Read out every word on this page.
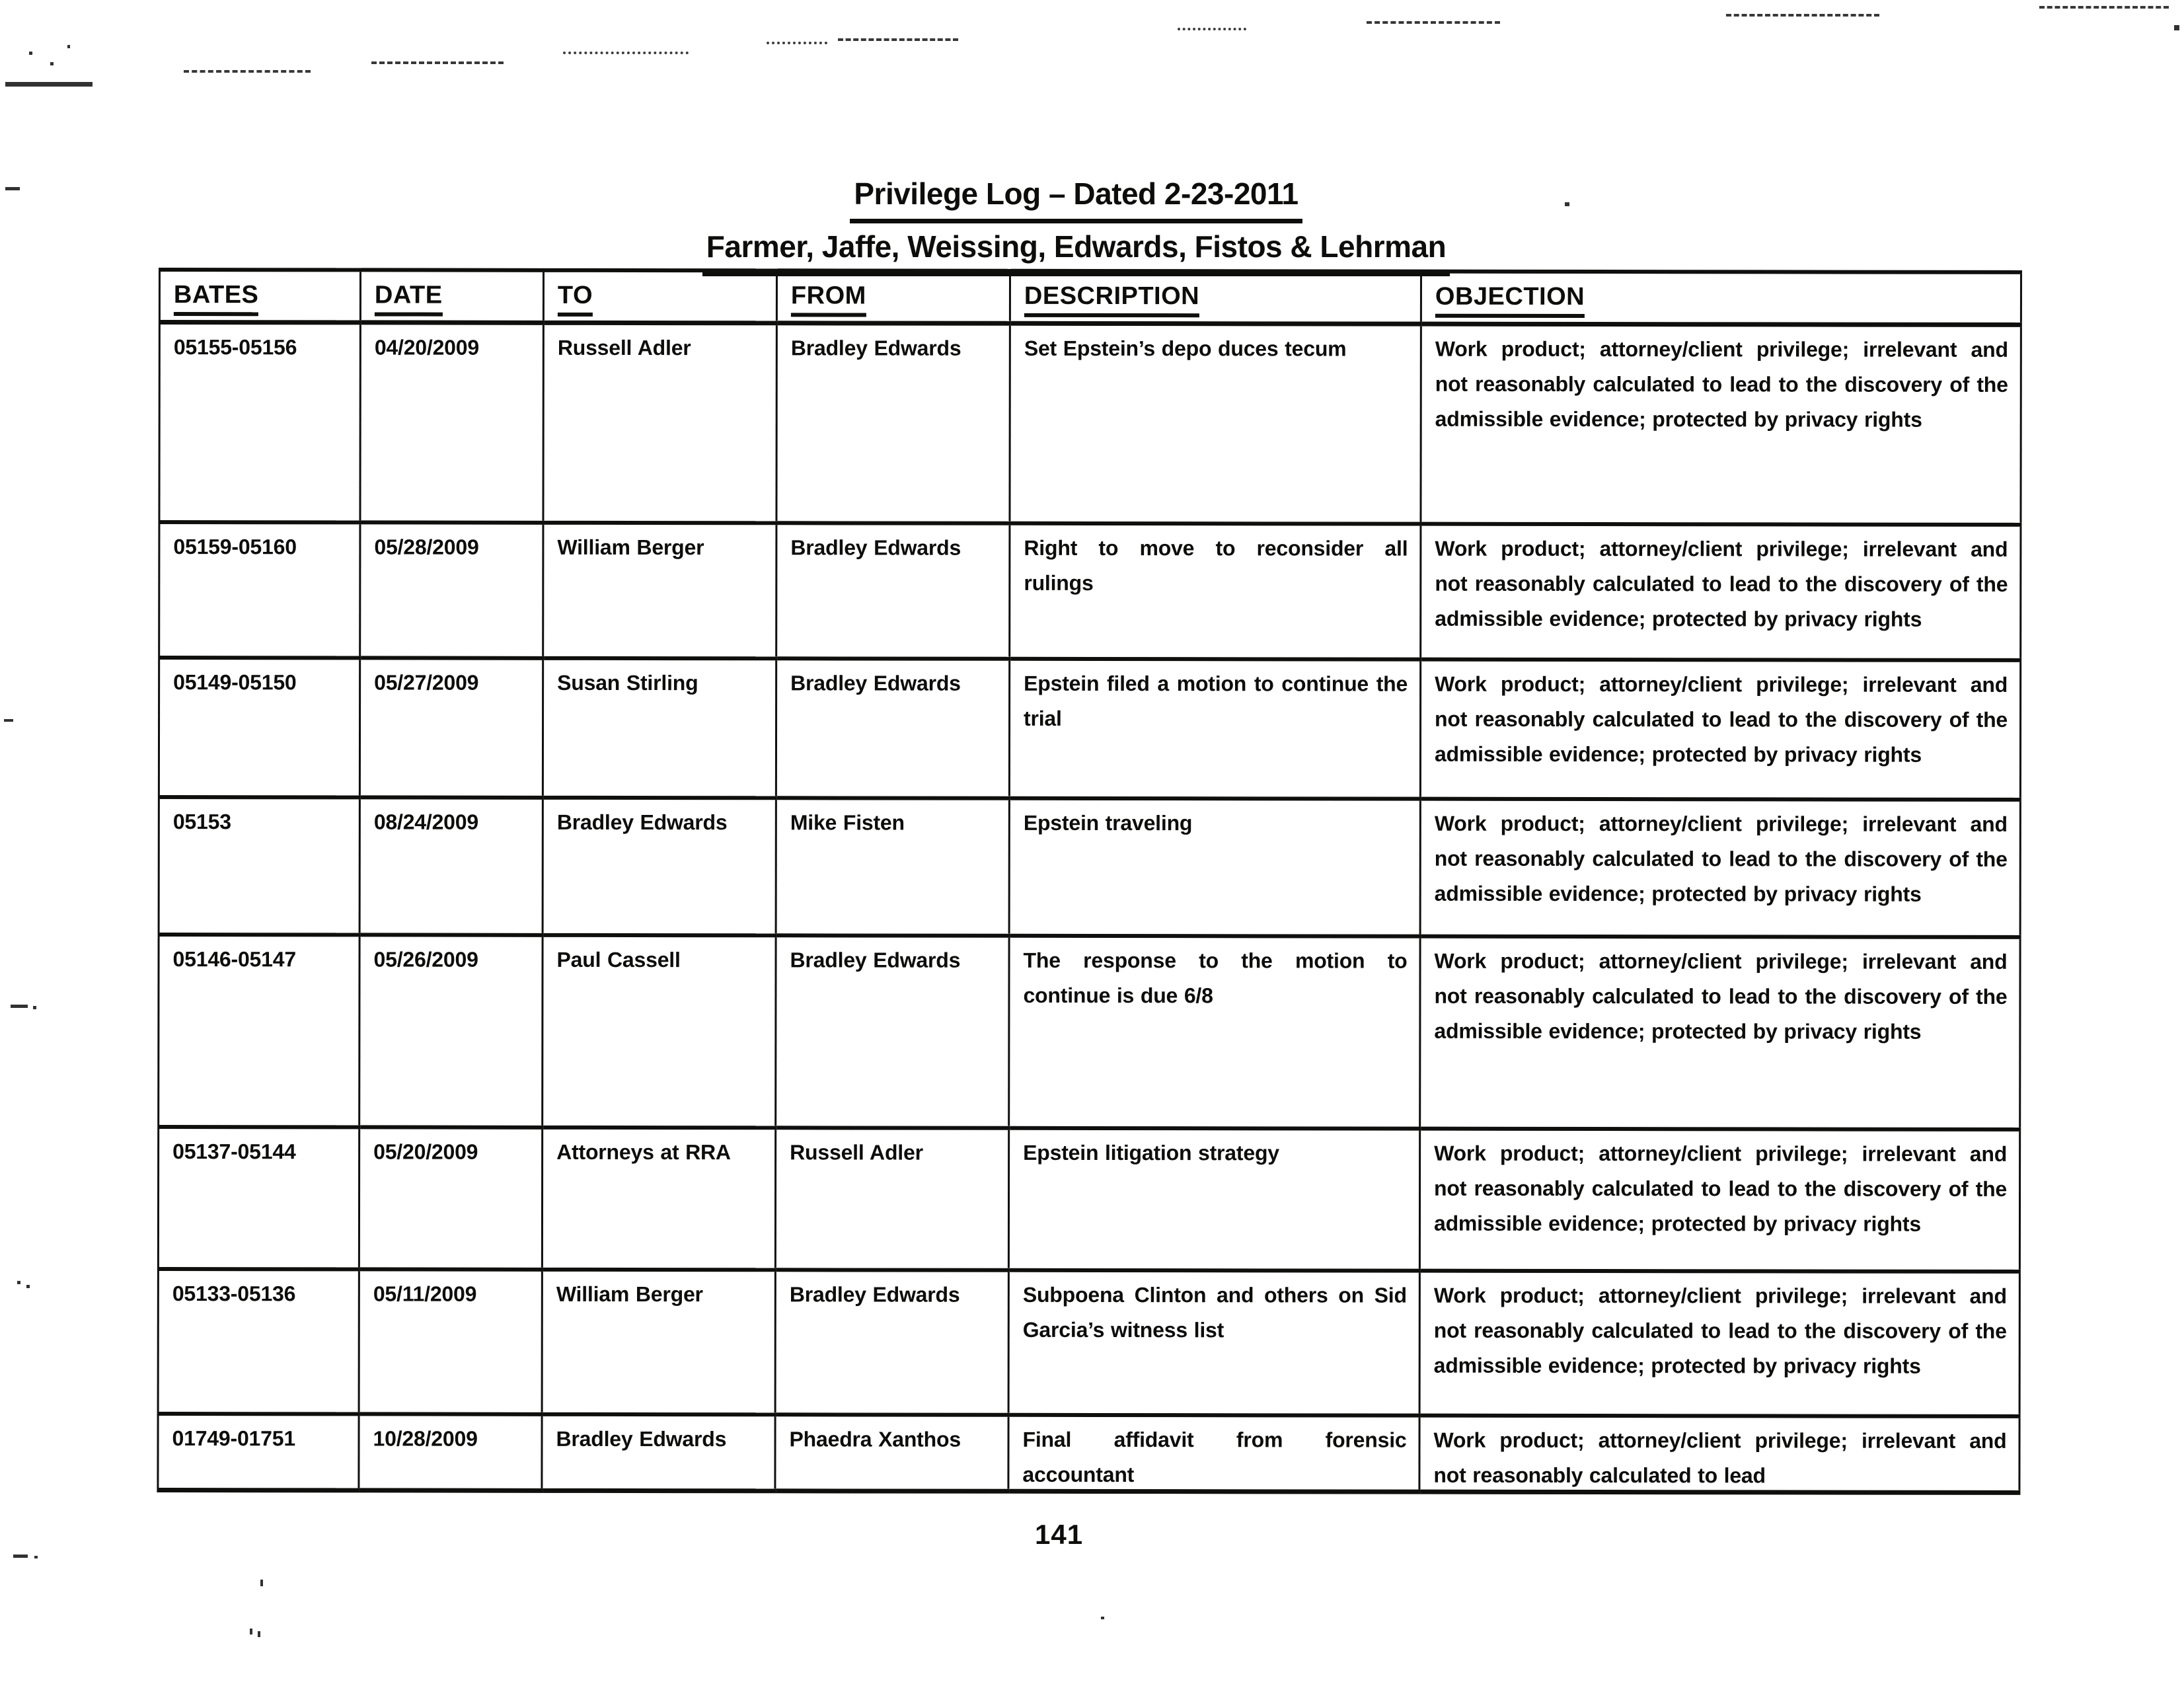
Privilege Log – Dated 2-23-2011
Farmer, Jaffe, Weissing, Edwards, Fistos & Lehrman
BATES	DATE	TO	FROM	DESCRIPTION	OBJECTION

05155-05156	04/20/2009	Russell Adler	Bradley Edwards	Set Epstein’s depo duces tecum	Work product; attorney/client privilege; irrelevant and not reasonably calculated to lead to the discovery of the admissible evidence; protected by privacy rights

05159-05160	05/28/2009	William Berger	Bradley Edwards	Right to move to reconsider all rulings	Work product; attorney/client privilege; irrelevant and not reasonably calculated to lead to the discovery of the admissible evidence; protected by privacy rights

05149-05150	05/27/2009	Susan Stirling	Bradley Edwards	Epstein filed a motion to continue the trial	Work product; attorney/client privilege; irrelevant and not reasonably calculated to lead to the discovery of the admissible evidence; protected by privacy rights

05153	08/24/2009	Bradley Edwards	Mike Fisten	Epstein traveling	Work product; attorney/client privilege; irrelevant and not reasonably calculated to lead to the discovery of the admissible evidence; protected by privacy rights

05146-05147	05/26/2009	Paul Cassell	Bradley Edwards	The response to the motion to continue is due 6/8	Work product; attorney/client privilege; irrelevant and not reasonably calculated to lead to the discovery of the admissible evidence; protected by privacy rights

05137-05144	05/20/2009	Attorneys at RRA	Russell Adler	Epstein litigation strategy	Work product; attorney/client privilege; irrelevant and not reasonably calculated to lead to the discovery of the admissible evidence; protected by privacy rights

05133-05136	05/11/2009	William Berger	Bradley Edwards	Subpoena Clinton and others on Sid Garcia’s witness list	Work product; attorney/client privilege; irrelevant and not reasonably calculated to lead to the discovery of the admissible evidence; protected by privacy rights

01749-01751	10/28/2009	Bradley Edwards	Phaedra Xanthos	Final affidavit from forensic accountant	Work product; attorney/client privilege; irrelevant and not reasonably calculated to lead
141
